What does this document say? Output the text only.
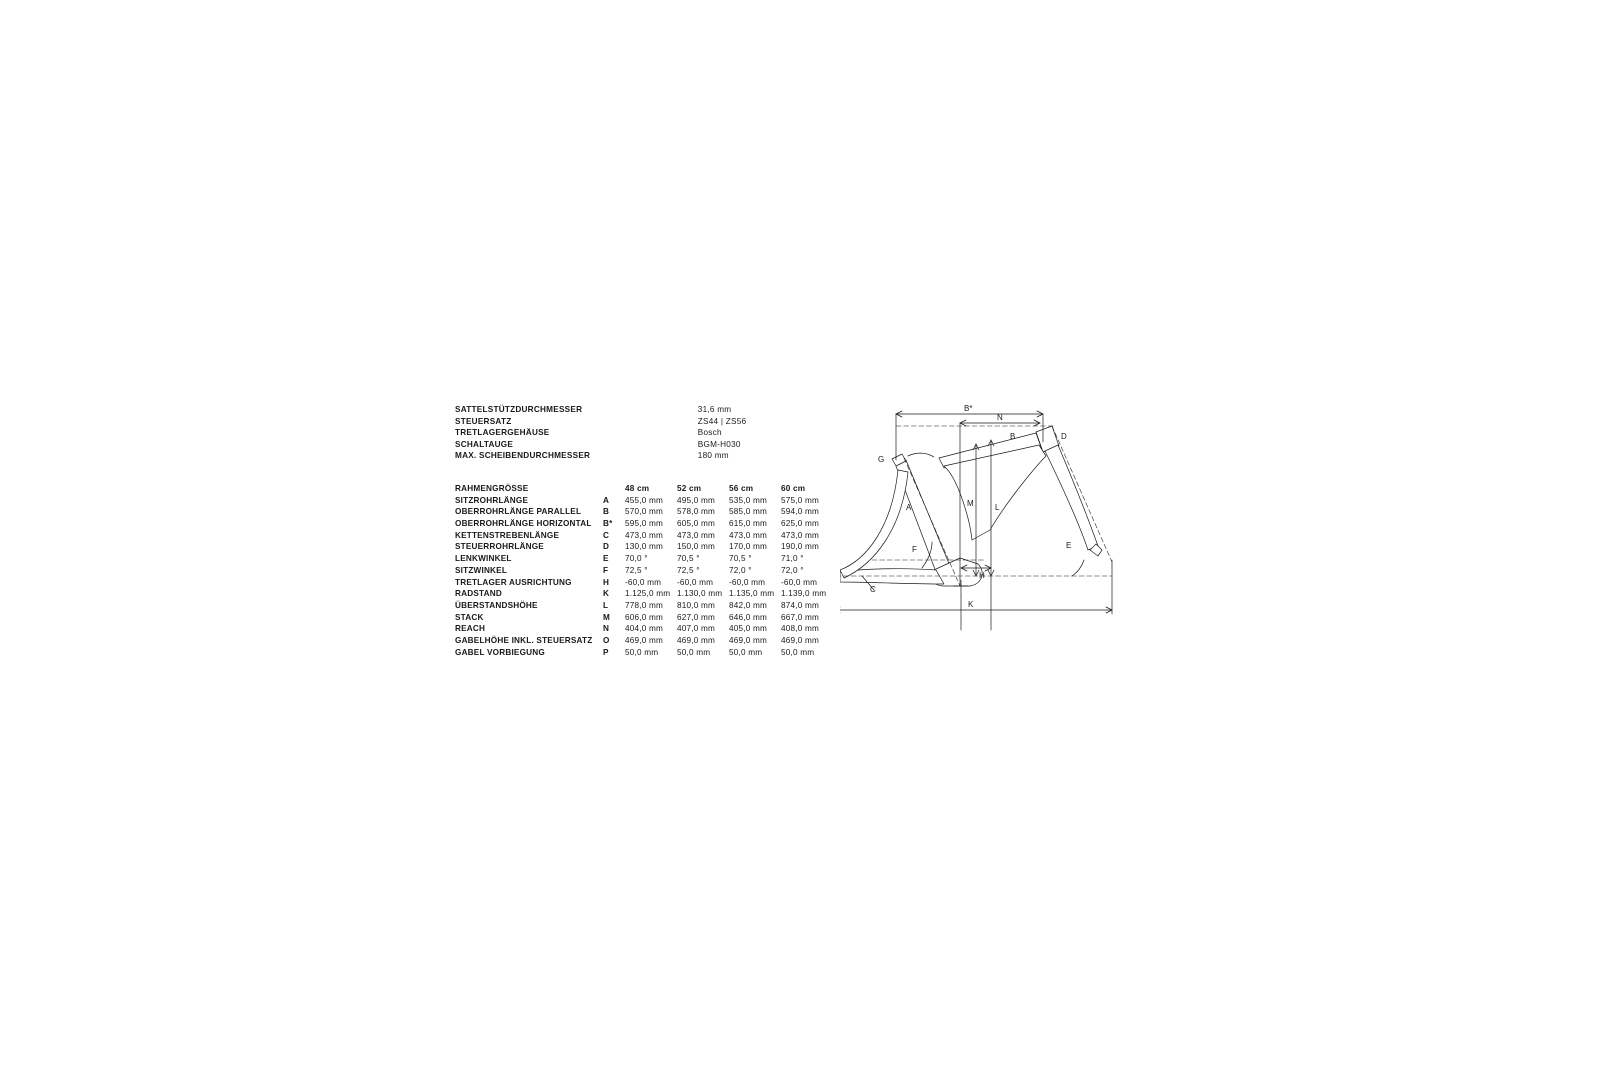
SATTELSTÜTZDURCHMESSER	31,6 mm
STEUERSATZ	ZS44 | ZS56
TRETLAGERGEHÄUSE	Bosch
SCHALTAUGE	BGM-H030
MAX. SCHEIBENDURCHMESSER	180 mm
RAHMENGRÖSSE		48 cm	52 cm	56 cm	60 cm
SITZROHRLÄNGE	A	455,0 mm	495,0 mm	535,0 mm	575,0 mm
OBERROHRLÄNGE PARALLEL	B	570,0 mm	578,0 mm	585,0 mm	594,0 mm
OBERROHRLÄNGE HORIZONTAL	B*	595,0 mm	605,0 mm	615,0 mm	625,0 mm
KETTENSTREBENLÄNGE	C	473,0 mm	473,0 mm	473,0 mm	473,0 mm
STEUERROHRLÄNGE	D	130,0 mm	150,0 mm	170,0 mm	190,0 mm
LENKWINKEL	E	70,0 °	70,5 °	70,5 °	71,0 °
SITZWINKEL	F	72,5 °	72,5 °	72,0 °	72,0 °
TRETLAGER AUSRICHTUNG	H	-60,0 mm	-60,0 mm	-60,0 mm	-60,0 mm
RADSTAND	K	1.125,0 mm	1.130,0 mm	1.135,0 mm	1.139,0 mm
ÜBERSTANDSHÖHE	L	778,0 mm	810,0 mm	842,0 mm	874,0 mm
STACK	M	606,0 mm	627,0 mm	646,0 mm	667,0 mm
REACH	N	404,0 mm	407,0 mm	405,0 mm	408,0 mm
GABELHÖHE INKL. STEUERSATZ	O	469,0 mm	469,0 mm	469,0 mm	469,0 mm
GABEL VORBIEGUNG	P	50,0 mm	50,0 mm	50,0 mm	50,0 mm
B*
N
D
B
G
A	M	L
F	E
H
C
K
